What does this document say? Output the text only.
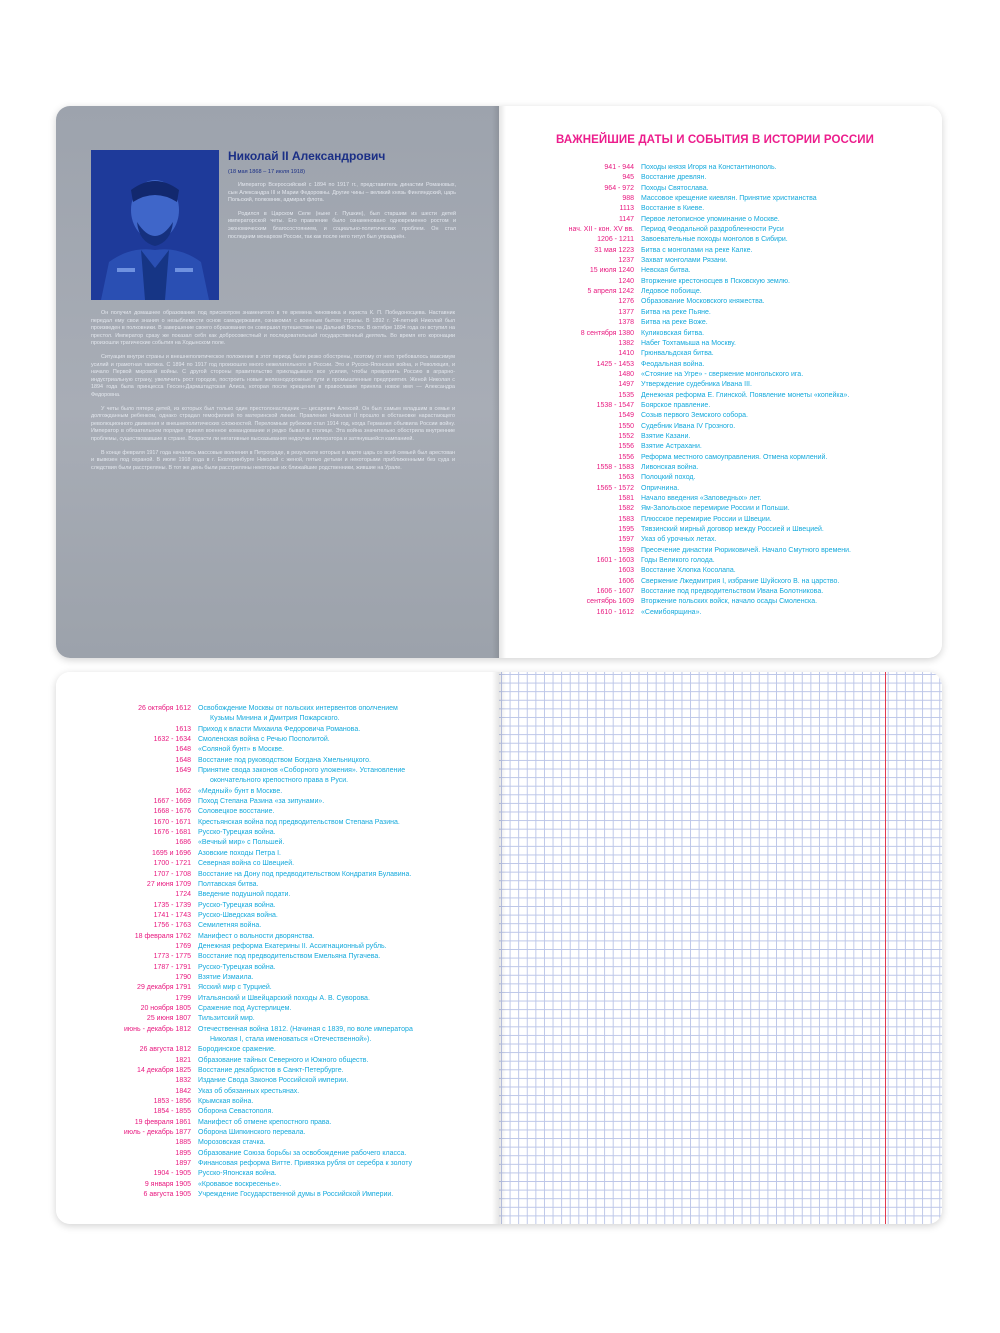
Николай II Александрович
(18 мая 1868 – 17 июля 1918)

Император Всероссийский с 1894 по 1917 гг., представитель династии Романовых, сын Александра III и Марии Федоровны. Другие чины – великий князь Финляндский, царь Польский, полковник, адмирал флота.

Родился в Царском Селе (ныне г. Пушкин), был старшим из шести детей императорской четы. Его правление было ознаменовано одновременно ростом и экономическим благосостоянием, и социально-политических проблем. Он стал последним монархом России, так как после него титул был упразднён.

Он получил домашнее образование под присмотром знаменитого в те времена чиновника и юриста К. П. Победоносцева. Наставник передал ему свои знания о незыблемости основ самодержавия, ознакомил с военным бытом страны. В 1892 г. 24-летний Николай был произведен в полковники. В завершение своего образования он совершил путешествие на Дальний Восток. В октябре 1894 года он вступил на престол. Император сразу же показал себя как добросовестный и последовательный государственный деятель. Во время его коронации произошли трагические события на Ходынском поле.

Ситуация внутри страны и внешнеполитическое положение в этот период были резко обострены, поэтому от него требовалось максимум усилий и грамотная тактика. С 1894 по 1917 год произошло много нежелательного в России. Это и Русско-Японская война, и Революция, и начало Первой мировой войны. С другой стороны правительство прикладывало все усилия, чтобы превратить Россию в аграрно-индустриальную страну, увеличить рост городов, построить новые железнодорожные пути и промышленные предприятия. Женой Николая с 1894 года была принцесса Гессен-Дармштадтская Алиса, которая после крещения в православие приняла новое имя — Александра Федоровна.

У четы было пятеро детей, из которых был только один престолонаследник — цесаревич Алексей. Он был самым младшим в семье и долгожданным ребенком, однако страдал гемофилией по материнской линии. Правление Николая II прошло в обстановке нарастающего революционного движения и внешнеполитических сложностей. Переломным рубежом стал 1914 год, когда Германия объявила России войну. Император в обязательном порядке принял военное командование и редко бывал в столице. Эта война значительно обострила внутренние проблемы, существовавшие в стране. Возрасти ли негативные высказывания недоучки императора и затянувшейся кампанией.

В конце февраля 1917 года начались массовые волнения в Петрограде, в результате которых в марте царь со всей семьей был арестован и вывезен под охраной. В июле 1918 года в г. Екатеринбурге Николай с женой, пятью детьми и некоторыми приближенными без суда и следствия были расстреляны. В тот же день были расстреляны некоторые их ближайшие родственники, жившие на Урале.

ВАЖНЕЙШИЕ ДАТЫ И СОБЫТИЯ В ИСТОРИИ РОССИИ
941 - 944	Походы князя Игоря на Константинополь.
945	Восстание древлян.
964 - 972	Походы Святослава.
988	Массовое крещение киевлян. Принятие христианства
1113	Восстание в Киеве.
1147	Первое летописное упоминание о Москве.
нач. XII - кон. XV вв.	Период Феодальной раздробленности Руси
1206 - 1211	Завоевательные походы монголов в Сибири.
31 мая 1223	Битва с монголами на реке Калке.
1237	Захват монголами Рязани.
15 июля 1240	Невская битва.
1240	Вторжение крестоносцев в Псковскую землю.
5 апреля 1242	Ледовое побоище.
1276	Образование Московского княжества.
1377	Битва на реке Пьяне.
1378	Битва на реке Воже.
8 сентября 1380	Куликовская битва.
1382	Набег Тохтамыша на Москву.
1410	Грюнвальдская битва.
1425 - 1453	Феодальная война.
1480	«Стояние на Угре» - свержение монгольского ига.
1497	Утверждение судебника Ивана III.
1535	Денежная реформа Е. Глинской. Появление монеты «копейка».
1538 - 1547	Боярское правление.
1549	Созыв первого Земского собора.
1550	Судебник Ивана IV Грозного.
1552	Взятие Казани.
1556	Взятие Астрахани.
1556	Реформа местного самоуправления. Отмена кормлений.
1558 - 1583	Ливонская война.
1563	Полоцкий поход.
1565 - 1572	Опричнина.
1581	Начало введения «Заповедных» лет.
1582	Ям-Запольское перемирие России и Польши.
1583	Плюсское перемирие России и Швеции.
1595	Тявзинский мирный договор между Россией и Швецией.
1597	Указ об урочных летах.
1598	Пресечение династии Рюриковичей. Начало Смутного времени.
1601 - 1603	Годы Великого голода.
1603	Восстание Хлопка Косолапа.
1606	Свержение Лжедмитрия I, избрание Шуйского В. на царство.
1606 - 1607	Восстание под предводительством Ивана Болотникова.
сентябрь 1609	Вторжение польских войск, начало осады Смоленска.
1610 - 1612	«Семибоярщина».
26 октября 1612	Освобождение Москвы от польских интервентов ополчением
Кузьмы Минина и Дмитрия Пожарского.
1613	Приход к власти Михаила Федоровича Романова.
1632 - 1634	Смоленская война с Речью Посполитой.
1648	«Соляной бунт» в Москве.
1648	Восстание под руководством Богдана Хмельницкого.
1649	Принятие свода законов «Соборного уложения». Установление
окончательного крепостного права в Руси.
1662	«Медный» бунт в Москве.
1667 - 1669	Поход Степана Разина «за зипунами».
1668 - 1676	Соловецкое восстание.
1670 - 1671	Крестьянская война под предводительством Степана Разина.
1676 - 1681	Русско-Турецкая война.
1686	«Вечный мир» с Польшей.
1695 и 1696	Азовские походы Петра I.
1700 - 1721	Северная война со Швецией.
1707 - 1708	Восстание на Дону под предводительством Кондратия Булавина.
27 июня 1709	Полтавская битва.
1724	Введение подушной подати.
1735 - 1739	Русско-Турецкая война.
1741 - 1743	Русско-Шведская война.
1756 - 1763	Семилетняя война.
18 февраля 1762	Манифест о вольности дворянства.
1769	Денежная реформа Екатерины II. Ассигнационный рубль.
1773 - 1775	Восстание под предводительством Емельяна Пугачева.
1787 - 1791	Русско-Турецкая война.
1790	Взятие Измаила.
29 декабря 1791	Ясский мир с Турцией.
1799	Итальянский и Швейцарский походы А. В. Суворова.
20 ноября 1805	Сражение под Аустерлицем.
25 июня 1807	Тильзитский мир.
июнь - декабрь 1812	Отечественная война 1812. (Начиная с 1839, по воле императора
Николая I, стала именоваться «Отечественной»).
26 августа 1812	Бородинское сражение.
1821	Образование тайных Северного и Южного обществ.
14 декабря 1825	Восстание декабристов в Санкт-Петербурге.
1832	Издание Свода Законов Российской империи.
1842	Указ об обязанных крестьянах.
1853 - 1856	Крымская война.
1854 - 1855	Оборона Севастополя.
19 февраля 1861	Манифест об отмене крепостного права.
июль - декабрь 1877	Оборона Шипкинского перевала.
1885	Морозовская стачка.
1895	Образование Союза борьбы за освобождение рабочего класса.
1897	Финансовая реформа Витте. Привязка рубля от серебра к золоту
1904 - 1905	Русско-Японская война.
9 января 1905	«Кровавое воскресенье».
6 августа 1905	Учреждение Государственной думы в Российской Империи.
